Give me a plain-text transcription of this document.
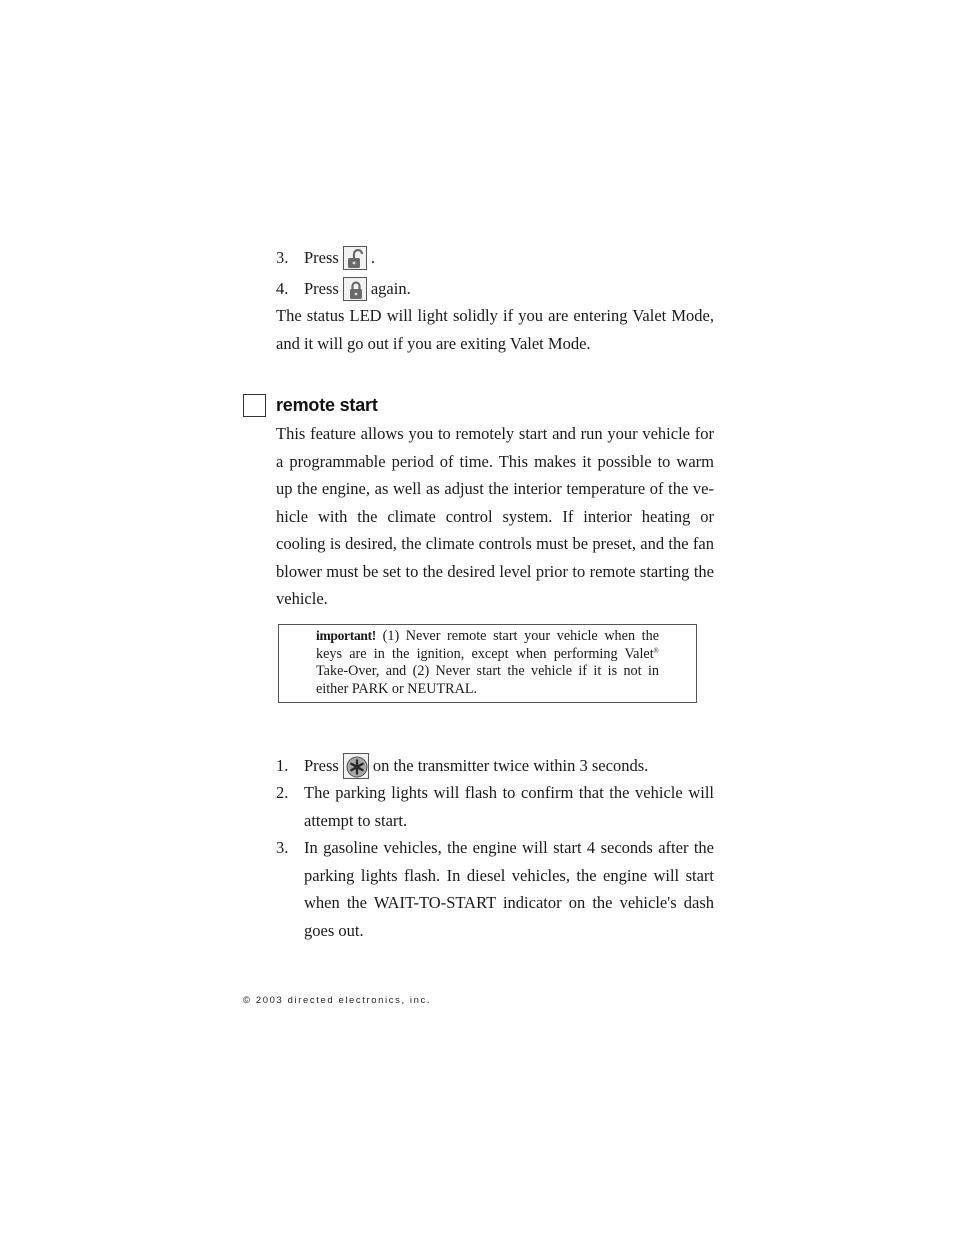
3. Press .
4. Press again.
The status LED will light solidly if you are entering Valet Mode, and it will go out if you are exiting Valet Mode.
remote start
This feature allows you to remotely start and run your vehicle for a programmable period of time. This makes it possible to warm up the engine, as well as adjust the interior temperature of the ve-hicle with the climate control system. If interior heating or cooling is desired, the climate controls must be preset, and the fan blower must be set to the desired level prior to remote starting the vehicle.
important! (1) Never remote start your vehicle when the keys are in the ignition, except when performing Valet® Take-Over, and (2) Never start the vehicle if it is not in either PARK or NEUTRAL.
1. Press on the transmitter twice within 3 seconds.
2. The parking lights will flash to confirm that the vehicle will attempt to start.
3. In gasoline vehicles, the engine will start 4 seconds after the parking lights flash. In diesel vehicles, the engine will start when the WAIT-TO-START indicator on the vehicle's dash goes out.
© 2003 directed electronics, inc.
